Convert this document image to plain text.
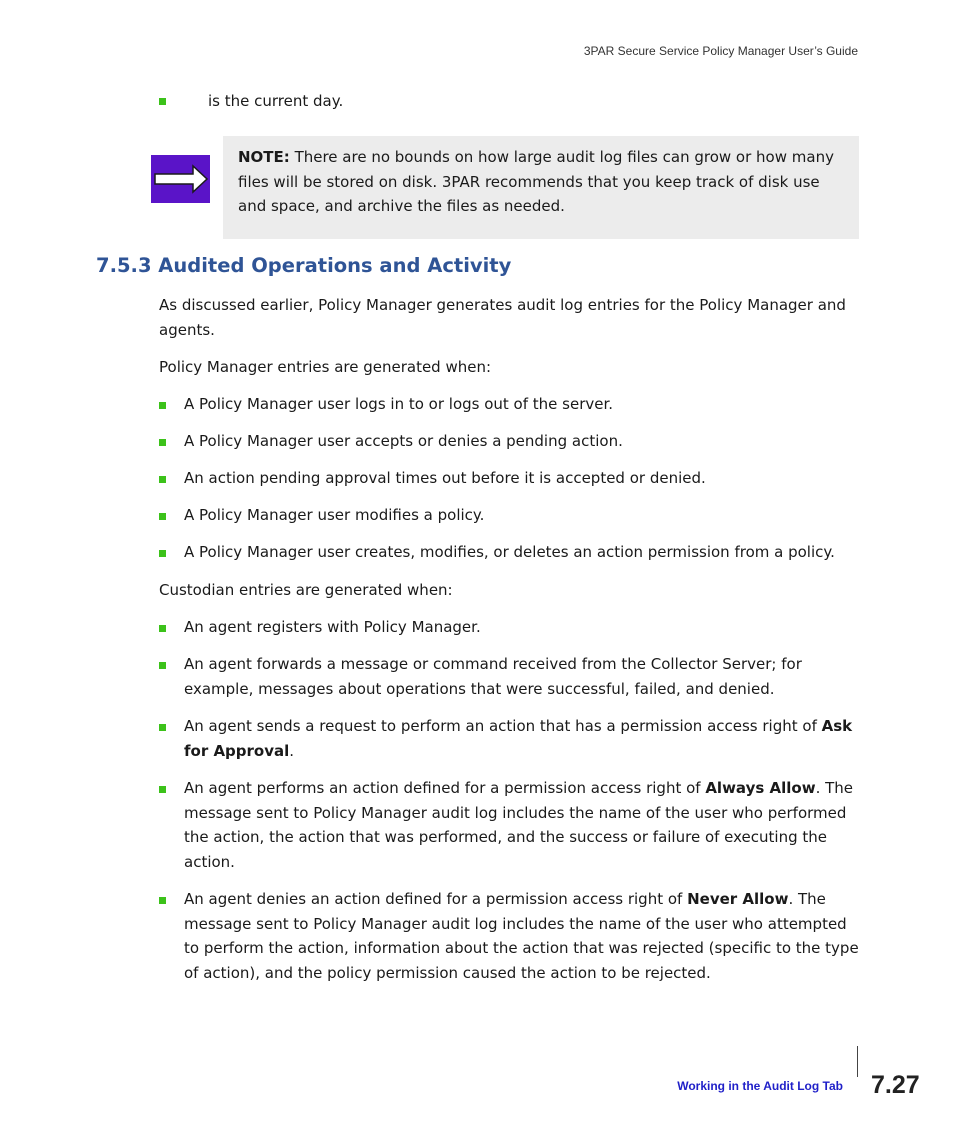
3PAR Secure Service Policy Manager User’s Guide
is the current day.
NOTE: There are no bounds on how large audit log files can grow or how many files will be stored on disk. 3PAR recommends that you keep track of disk use and space, and archive the files as needed.
7.5.3 Audited Operations and Activity
As discussed earlier, Policy Manager generates audit log entries for the Policy Manager and agents.
Policy Manager entries are generated when:
A Policy Manager user logs in to or logs out of the server.
A Policy Manager user accepts or denies a pending action.
An action pending approval times out before it is accepted or denied.
A Policy Manager user modifies a policy.
A Policy Manager user creates, modifies, or deletes an action permission from a policy.
Custodian entries are generated when:
An agent registers with Policy Manager.
An agent forwards a message or command received from the Collector Server; for example, messages about operations that were successful, failed, and denied.
An agent sends a request to perform an action that has a permission access right of Ask for Approval.
An agent performs an action defined for a permission access right of Always Allow. The message sent to Policy Manager audit log includes the name of the user who performed the action, the action that was performed, and the success or failure of executing the action.
An agent denies an action defined for a permission access right of Never Allow. The message sent to Policy Manager audit log includes the name of the user who attempted to perform the action, information about the action that was rejected (specific to the type of action), and the policy permission caused the action to be rejected.
Working in the Audit Log Tab 7.27
